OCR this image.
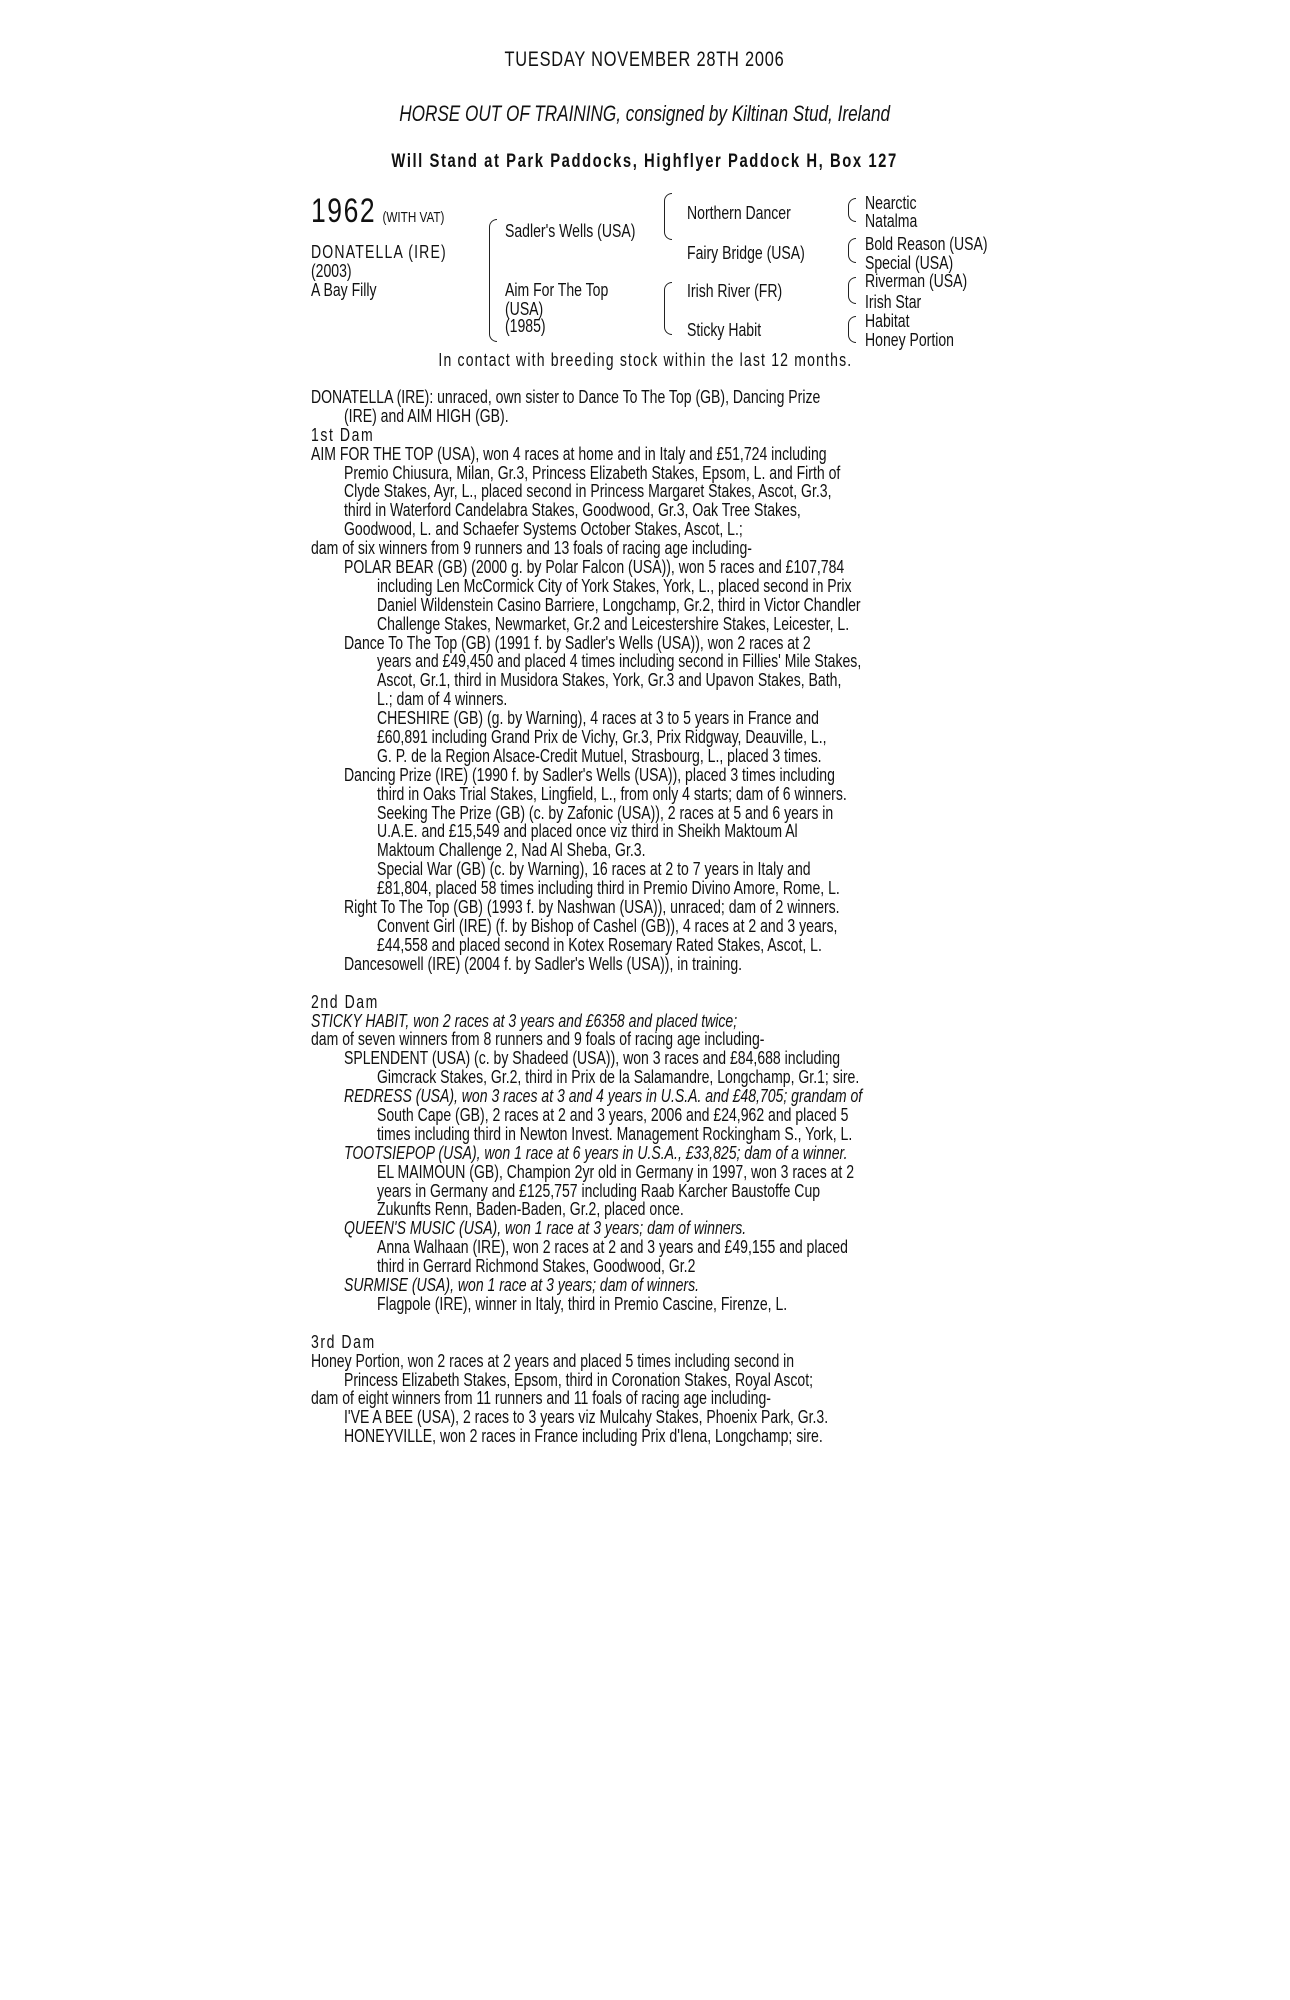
TUESDAY NOVEMBER 28TH 2006
HORSE OUT OF TRAINING, consigned by Kiltinan Stud, Ireland
Will Stand at Park Paddocks, Highflyer Paddock H, Box 127
1962 (WITH VAT)
DONATELLA (IRE)
(2003)
A Bay Filly
Sadler's Wells (USA)
Aim For The Top
(USA)
(1985)
Northern Dancer
Fairy Bridge (USA)
Irish River (FR)
Sticky Habit
Nearctic
Natalma
Bold Reason (USA)
Special (USA)
Riverman (USA)
Irish Star
Habitat
Honey Portion
In contact with breeding stock within the last 12 months.
DONATELLA (IRE): unraced, own sister to Dance To The Top (GB), Dancing Prize
(IRE) and AIM HIGH (GB).
1st Dam
AIM FOR THE TOP (USA), won 4 races at home and in Italy and £51,724 including
Premio Chiusura, Milan, Gr.3, Princess Elizabeth Stakes, Epsom, L. and Firth of
Clyde Stakes, Ayr, L., placed second in Princess Margaret Stakes, Ascot, Gr.3,
third in Waterford Candelabra Stakes, Goodwood, Gr.3, Oak Tree Stakes,
Goodwood, L. and Schaefer Systems October Stakes, Ascot, L.;
dam of six winners from 9 runners and 13 foals of racing age including-
POLAR BEAR (GB) (2000 g. by Polar Falcon (USA)), won 5 races and £107,784
including Len McCormick City of York Stakes, York, L., placed second in Prix
Daniel Wildenstein Casino Barriere, Longchamp, Gr.2, third in Victor Chandler
Challenge Stakes, Newmarket, Gr.2 and Leicestershire Stakes, Leicester, L.
Dance To The Top (GB) (1991 f. by Sadler's Wells (USA)), won 2 races at 2
years and £49,450 and placed 4 times including second in Fillies' Mile Stakes,
Ascot, Gr.1, third in Musidora Stakes, York, Gr.3 and Upavon Stakes, Bath,
L.; dam of 4 winners.
CHESHIRE (GB) (g. by Warning), 4 races at 3 to 5 years in France and
£60,891 including Grand Prix de Vichy, Gr.3, Prix Ridgway, Deauville, L.,
G. P. de la Region Alsace-Credit Mutuel, Strasbourg, L., placed 3 times.
Dancing Prize (IRE) (1990 f. by Sadler's Wells (USA)), placed 3 times including
third in Oaks Trial Stakes, Lingfield, L., from only 4 starts; dam of 6 winners.
Seeking The Prize (GB) (c. by Zafonic (USA)), 2 races at 5 and 6 years in
U.A.E. and £15,549 and placed once viz third in Sheikh Maktoum Al
Maktoum Challenge 2, Nad Al Sheba, Gr.3.
Special War (GB) (c. by Warning), 16 races at 2 to 7 years in Italy and
£81,804, placed 58 times including third in Premio Divino Amore, Rome, L.
Right To The Top (GB) (1993 f. by Nashwan (USA)), unraced; dam of 2 winners.
Convent Girl (IRE) (f. by Bishop of Cashel (GB)), 4 races at 2 and 3 years,
£44,558 and placed second in Kotex Rosemary Rated Stakes, Ascot, L.
Dancesowell (IRE) (2004 f. by Sadler's Wells (USA)), in training.
2nd Dam
STICKY HABIT, won 2 races at 3 years and £6358 and placed twice;
dam of seven winners from 8 runners and 9 foals of racing age including-
SPLENDENT (USA) (c. by Shadeed (USA)), won 3 races and £84,688 including
Gimcrack Stakes, Gr.2, third in Prix de la Salamandre, Longchamp, Gr.1; sire.
REDRESS (USA), won 3 races at 3 and 4 years in U.S.A. and £48,705; grandam of
South Cape (GB), 2 races at 2 and 3 years, 2006 and £24,962 and placed 5
times including third in Newton Invest. Management Rockingham S., York, L.
TOOTSIEPOP (USA), won 1 race at 6 years in U.S.A., £33,825; dam of a winner.
EL MAIMOUN (GB), Champion 2yr old in Germany in 1997, won 3 races at 2
years in Germany and £125,757 including Raab Karcher Baustoffe Cup
Zukunfts Renn, Baden-Baden, Gr.2, placed once.
QUEEN'S MUSIC (USA), won 1 race at 3 years; dam of winners.
Anna Walhaan (IRE), won 2 races at 2 and 3 years and £49,155 and placed
third in Gerrard Richmond Stakes, Goodwood, Gr.2
SURMISE (USA), won 1 race at 3 years; dam of winners.
Flagpole (IRE), winner in Italy, third in Premio Cascine, Firenze, L.
3rd Dam
Honey Portion, won 2 races at 2 years and placed 5 times including second in
Princess Elizabeth Stakes, Epsom, third in Coronation Stakes, Royal Ascot;
dam of eight winners from 11 runners and 11 foals of racing age including-
I'VE A BEE (USA), 2 races to 3 years viz Mulcahy Stakes, Phoenix Park, Gr.3.
HONEYVILLE, won 2 races in France including Prix d'Iena, Longchamp; sire.
